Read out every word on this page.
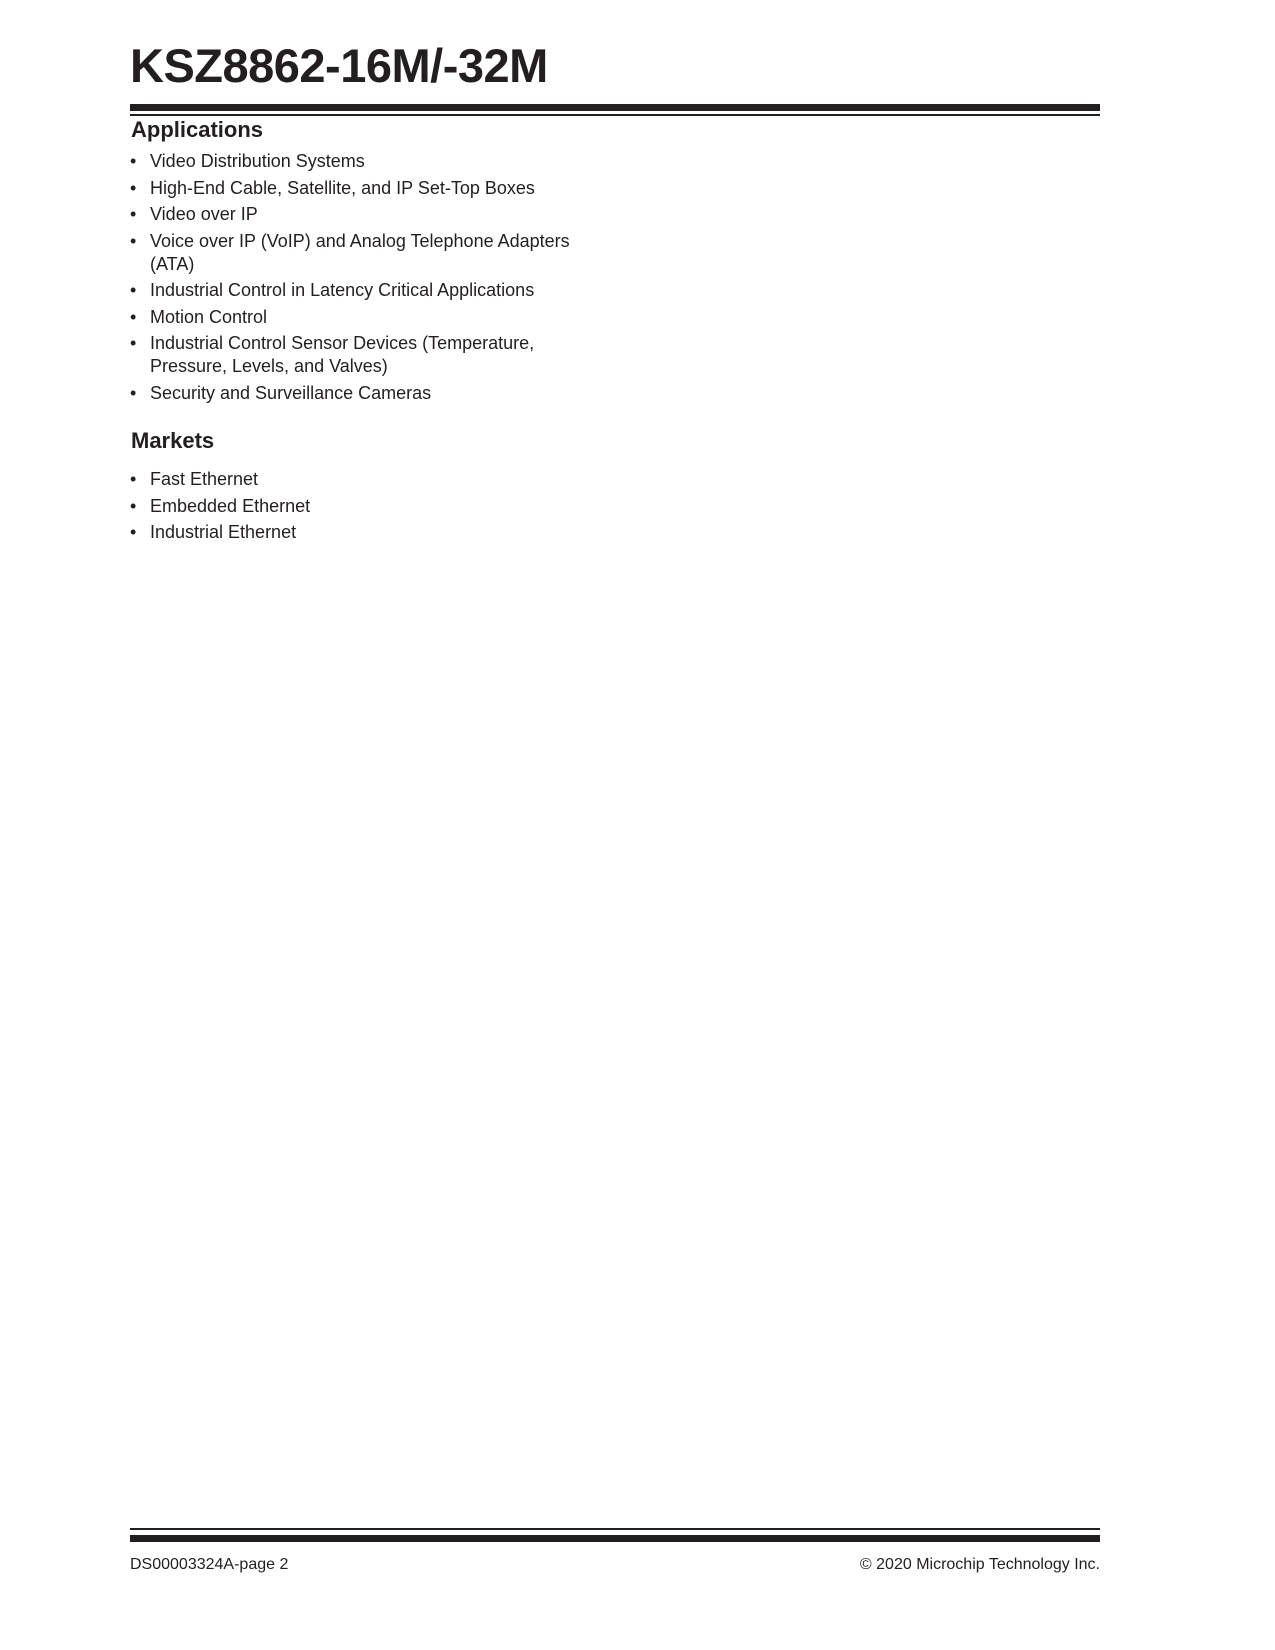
KSZ8862-16M/-32M
Applications
• Video Distribution Systems
• High-End Cable, Satellite, and IP Set-Top Boxes
• Video over IP
• Voice over IP (VoIP) and Analog Telephone Adapters (ATA)
• Industrial Control in Latency Critical Applications
• Motion Control
• Industrial Control Sensor Devices (Temperature, Pressure, Levels, and Valves)
• Security and Surveillance Cameras
Markets
• Fast Ethernet
• Embedded Ethernet
• Industrial Ethernet
DS00003324A-page 2	© 2020 Microchip Technology Inc.
